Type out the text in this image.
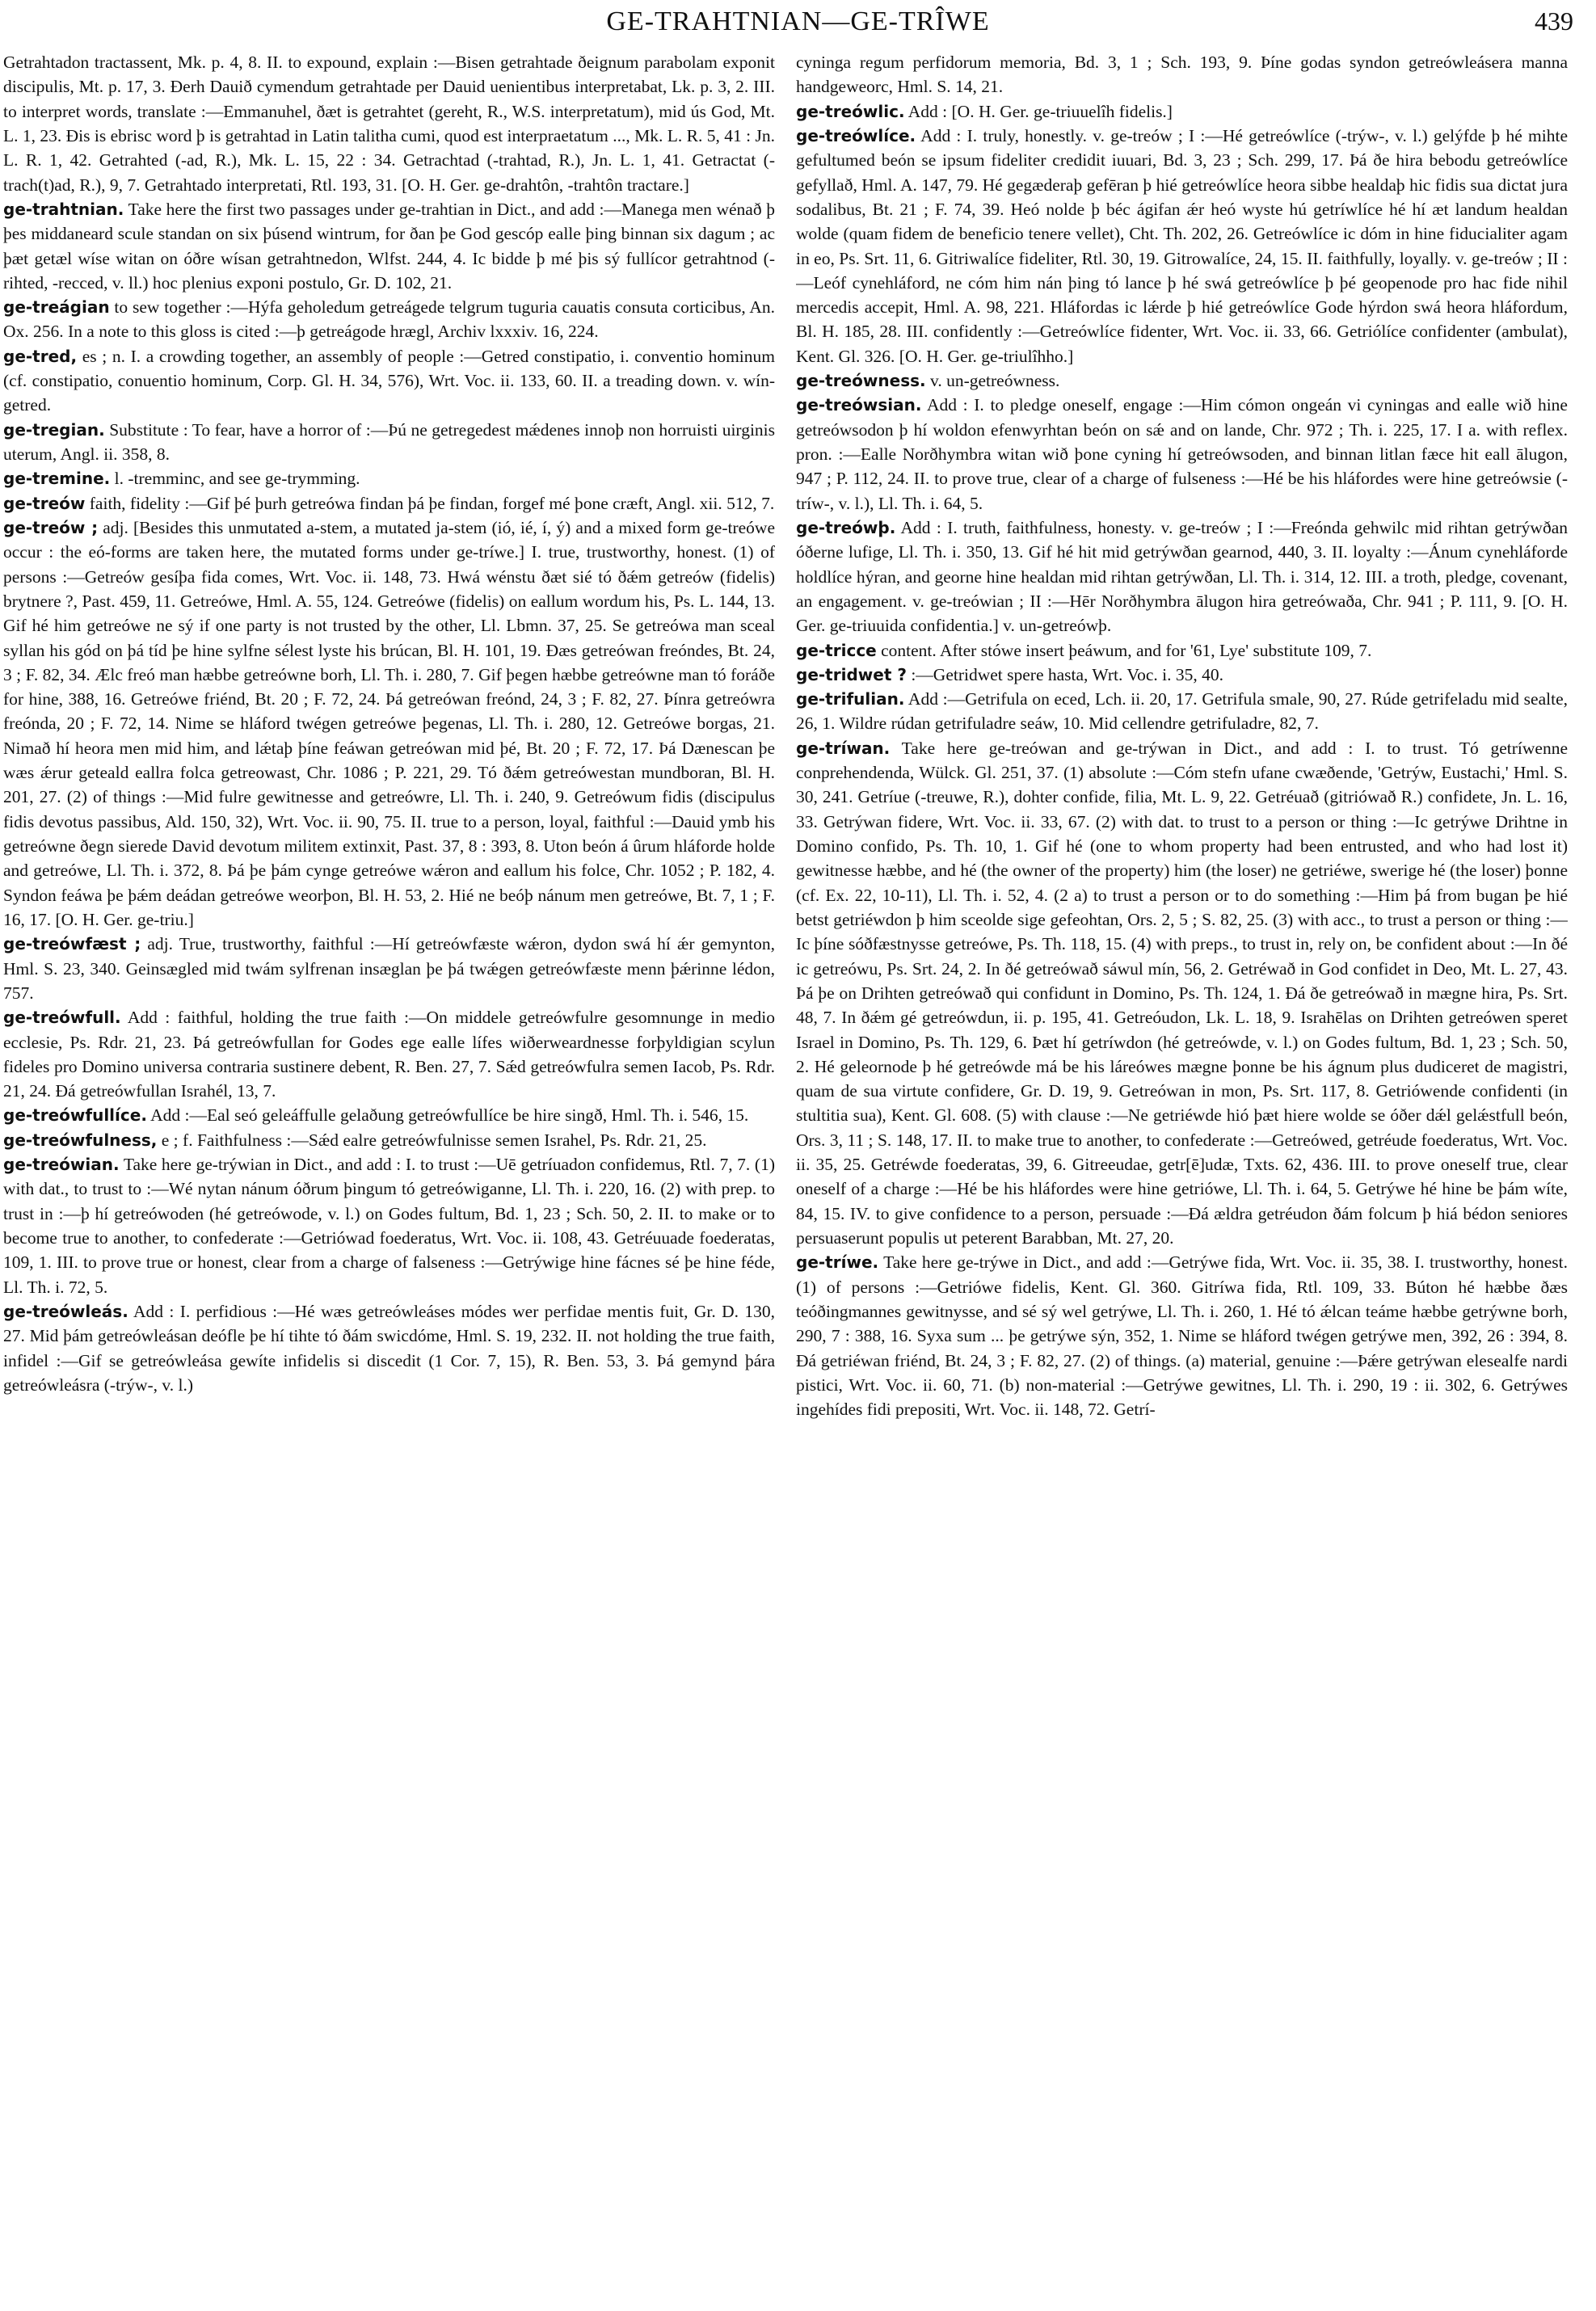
GE-TRAHTNIAN—GE-TRÎWE	439
Getrahtadon tractassent, Mk. p. 4, 8. II. to expound, explain :—Bisen getrahtade ðeignum parabolam exponit discipulis, Mt. p. 17, 3. Ðerh Dauið cymendum getrahtade per Dauid uenientibus interpretabat, Lk. p. 3, 2. III. to interpret words, translate :—Emmanuhel, ðæt is getrahtet (gereht, R., W.S. interpretatum), mid ús God, Mt. L. 1, 23. Ðis is ebrisc word þ is getrahtad in Latin talitha cumi, quod est interpraetatum ..., Mk. L. R. 5, 41 : Jn. L. R. 1, 42. Getrahted (-ad, R.), Mk. L. 15, 22 : 34. Getrachtad (-trahtad, R.), Jn. L. 1, 41. Getractat (-trach(t)ad, R.), 9, 7. Getrahtado interpretati, Rtl. 193, 31. [O. H. Ger. ge-drahtôn, -trahtôn tractare.]
ge-trahtnian. Take here the first two passages under ge-trahtian in Dict., and add :—Manega men wénað þ þes middaneard scule standan on six þúsend wintrum, for ðan þe God gescóp ealle þing binnan six dagum ; ac þæt getæl wíse witan on óðre wísan getrahtnedon, Wlfst. 244, 4. Ic bidde þ mé þis sý fullícor getrahtnod (-rihted, -recced, v. ll.) hoc plenius exponi postulo, Gr. D. 102, 21.
ge-treágian to sew together :—Hýfa geholedum getreágede telgrum tuguria cauatis consuta corticibus, An. Ox. 256. In a note to this gloss is cited :—þ getreágode hrægl, Archiv lxxxiv. 16, 224.
ge-tred, es ; n. I. a crowding together, an assembly of people :—Getred constipatio, i. conventio hominum (cf. constipatio, conuentio hominum, Corp. Gl. H. 34, 576), Wrt. Voc. ii. 133, 60. II. a treading down. v. wín-getred.
ge-tregian. Substitute : To fear, have a horror of :—Þú ne getregedest mǽdenes innoþ non horruisti uirginis uterum, Angl. ii. 358, 8.
ge-tremine. l. -tremminc, and see ge-trymming.
ge-treów faith, fidelity :—Gif þé þurh getreówa findan þá þe findan, forgef mé þone cræft, Angl. xii. 512, 7.
ge-treów ; adj. [Besides this unmutated a-stem, a mutated ja-stem (ió, ié, í, ý) and a mixed form ge-treówe occur : the eó-forms are taken here, the mutated forms under ge-tríwe.] I. true, trustworthy, honest. (1) of persons :—Getreów gesíþa fida comes, Wrt. Voc. ii. 148, 73. Hwá wénstu ðæt sié tó ðǽm getreów (fidelis) brytnere ?, Past. 459, 11. Getreówe, Hml. A. 55, 124. Getreówe (fidelis) on eallum wordum his, Ps. L. 144, 13. Gif hé him getreówe ne sý if one party is not trusted by the other, Ll. Lbmn. 37, 25. Se getreówa man sceal syllan his gód on þá tíd þe hine sylfne sélest lyste his brúcan, Bl. H. 101, 19. Ðæs getreówan freóndes, Bt. 24, 3 ; F. 82, 34. Ælc freó man hæbbe getreówne borh, Ll. Th. i. 280, 7. Gif þegen hæbbe getreówne man tó foráðe for hine, 388, 16. Getreówe friénd, Bt. 20 ; F. 72, 24. Þá getreówan freónd, 24, 3 ; F. 82, 27. Þínra getreówra freónda, 20 ; F. 72, 14. Nime se hláford twégen getreówe þegenas, Ll. Th. i. 280, 12. Getreówe borgas, 21. Nimað hí heora men mid him, and lǽtaþ þíne feáwan getreówan mid þé, Bt. 20 ; F. 72, 17. Þá Dænescan þe wæs ǽrur geteald eallra folca getreowast, Chr. 1086 ; P. 221, 29. Tó ðǽm getreówestan mundboran, Bl. H. 201, 27. (2) of things :—Mid fulre gewitnesse and getreówre, Ll. Th. i. 240, 9. Getreówum fidis (discipulus fidis devotus passibus, Ald. 150, 32), Wrt. Voc. ii. 90, 75. II. true to a person, loyal, faithful :—Dauid ymb his getreówne ðegn sierede David devotum militem extinxit, Past. 37, 8 : 393, 8. Uton beón á ûrum hláforde holde and getreówe, Ll. Th. i. 372, 8. Þá þe þám cynge getreówe wǽron and eallum his folce, Chr. 1052 ; P. 182, 4. Syndon feáwa þe þǽm deádan getreówe weorþon, Bl. H. 53, 2. Hié ne beóþ nánum men getreówe, Bt. 7, 1 ; F. 16, 17. [O. H. Ger. ge-triu.]
ge-treówfæst ; adj. True, trustworthy, faithful :—Hí getreówfæste wǽron, dydon swá hí ǽr gemynton, Hml. S. 23, 340. Geinsægled mid twám sylfrenan insæglan þe þá twǽgen getreówfæste menn þǽrinne lédon, 757.
ge-treówfull. Add : faithful, holding the true faith :—On middele getreówfulre gesomnunge in medio ecclesie, Ps. Rdr. 21, 23. Þá getreówfullan for Godes ege ealle lífes wiðerweardnesse forþyldigian scylun fideles pro Domino universa contraria sustinere debent, R. Ben. 27, 7. Sǽd getreówfulra semen Iacob, Ps. Rdr. 21, 24. Ðá getreówfullan Israhél, 13, 7.
ge-treówfullíce. Add :—Eal seó geleáffulle gelaðung getreówfullíce be hire singð, Hml. Th. i. 546, 15.
ge-treówfulness, e ; f. Faithfulness :—Sǽd ealre getreówfulnisse semen Israhel, Ps. Rdr. 21, 25.
ge-treówian. Take here ge-trýwian in Dict., and add : I. to trust :—Uē getríuadon confidemus, Rtl. 7, 7. (1) with dat., to trust to :—Wé nytan nánum óðrum þingum tó getreówiganne, Ll. Th. i. 220, 16. (2) with prep. to trust in :—þ hí getreówoden (hé getreówode, v. l.) on Godes fultum, Bd. 1, 23 ; Sch. 50, 2. II. to make or to become true to another, to confederate :—Getriówad foederatus, Wrt. Voc. ii. 108, 43. Getréuuade foederatas, 109, 1. III. to prove true or honest, clear from a charge of falseness :—Getrýwige hine fácnes sé þe hine féde, Ll. Th. i. 72, 5.
ge-treówleás. Add : I. perfidious :—Hé wæs getreówleáses módes wer perfidae mentis fuit, Gr. D. 130, 27. Mid þám getreówleásan deófle þe hí tihte tó ðám swicdóme, Hml. S. 19, 232. II. not holding the true faith, infidel :—Gif se getreówleása gewíte infidelis si discedit (1 Cor. 7, 15), R. Ben. 53, 3. Þá gemynd þára getreówleásra (-trýw-, v. l.)
cyninga regum perfidorum memoria, Bd. 3, 1 ; Sch. 193, 9. Þíne godas syndon getreówleásera manna handgeweorc, Hml. S. 14, 21.
ge-treówlic. Add : [O. H. Ger. ge-triuuelîh fidelis.]
ge-treówlíce. Add : I. truly, honestly. v. ge-treów ; I :—Hé getreówlíce (-trýw-, v. l.) gelýfde þ hé mihte gefultumed beón se ipsum fideliter credidit iuuari, Bd. 3, 23 ; Sch. 299, 17. Þá ðe hira bebodu getreówlíce gefyllað, Hml. A. 147, 79. Hé gegæderaþ gefēran þ hié getreówlíce heora sibbe healdaþ hic fidis sua dictat jura sodalibus, Bt. 21 ; F. 74, 39. Heó nolde þ béc ágifan ǽr heó wyste hú getríwlíce hé hí æt landum healdan wolde (quam fidem de beneficio tenere vellet), Cht. Th. 202, 26. Getreówlíce ic dóm in hine fiducialiter agam in eo, Ps. Srt. 11, 6. Gitriwalíce fideliter, Rtl. 30, 19. Gitrowalíce, 24, 15. II. faithfully, loyally. v. ge-treów ; II :—Leóf cynehláford, ne cóm him nán þing tó lance þ hé swá getreówlíce þ þé geopenode pro hac fide nihil mercedis accepit, Hml. A. 98, 221. Hláfordas ic lǽrde þ hié getreówlíce Gode hýrdon swá heora hláfordum, Bl. H. 185, 28. III. confidently :—Getreówlíce fidenter, Wrt. Voc. ii. 33, 66. Getriólíce confidenter (ambulat), Kent. Gl. 326. [O. H. Ger. ge-triulîhho.]
ge-treówness. v. un-getreówness.
ge-treówsian. Add : I. to pledge oneself, engage :—Him cómon ongeán vi cyningas and ealle wið hine getreówsodon þ hí woldon efenwyrhtan beón on sǽ and on lande, Chr. 972 ; Th. i. 225, 17. I a. with reflex. pron. :—Ealle Norðhymbra witan wið þone cyning hí getreówsoden, and binnan litlan fæce hit eall ālugon, 947 ; P. 112, 24. II. to prove true, clear of a charge of fulseness :—Hé be his hláfordes were hine getreówsie (-tríw-, v. l.), Ll. Th. i. 64, 5.
ge-treówþ. Add : I. truth, faithfulness, honesty. v. ge-treów ; I :—Freónda gehwilc mid rihtan getrýwðan óðerne lufige, Ll. Th. i. 350, 13. Gif hé hit mid getrýwðan gearnod, 440, 3. II. loyalty :—Ánum cynehláforde holdlíce hýran, and georne hine healdan mid rihtan getrýwðan, Ll. Th. i. 314, 12. III. a troth, pledge, covenant, an engagement. v. ge-treówian ; II :—Hēr Norðhymbra ālugon hira getreówaða, Chr. 941 ; P. 111, 9. [O. H. Ger. ge-triuuida confidentia.] v. un-getreówþ.
ge-tricce content. After stówe insert þeáwum, and for '61, Lye' substitute 109, 7.
ge-tridwet ? :—Getridwet spere hasta, Wrt. Voc. i. 35, 40.
ge-trifulian. Add :—Getrifula on eced, Lch. ii. 20, 17. Getrifula smale, 90, 27. Rúde getrifeladu mid sealte, 26, 1. Wildre rúdan getrifuladre seáw, 10. Mid cellendre getrifuladre, 82, 7.
ge-tríwan. Take here ge-treówan and ge-trýwan in Dict., and add : I. to trust. Tó getríwenne conprehendenda, Wülck. Gl. 251, 37. (1) absolute :—Cóm stefn ufane cwæðende, 'Getrýw, Eustachi,' Hml. S. 30, 241. Getríue (-treuwe, R.), dohter confide, filia, Mt. L. 9, 22. Getréuað (gitriówað R.) confidete, Jn. L. 16, 33. Getrýwan fidere, Wrt. Voc. ii. 33, 67. (2) with dat. to trust to a person or thing :—Ic getrýwe Drihtne in Domino confido, Ps. Th. 10, 1. Gif hé (one to whom property had been entrusted, and who had lost it) gewitnesse hæbbe, and hé (the owner of the property) him (the loser) ne getriéwe, swerige hé (the loser) þonne (cf. Ex. 22, 10-11), Ll. Th. i. 52, 4. (2 a) to trust a person or to do something :—Him þá from bugan þe hié betst getriéwdon þ him sceolde sige gefeohtan, Ors. 2, 5 ; S. 82, 25. (3) with acc., to trust a person or thing :—Ic þíne sóðfæstnysse getreówe, Ps. Th. 118, 15. (4) with preps., to trust in, rely on, be confident about :—In ðé ic getreówu, Ps. Srt. 24, 2. In ðé getreówað sáwul mín, 56, 2. Getréwað in God confidet in Deo, Mt. L. 27, 43. Þá þe on Drihten getreówað qui confidunt in Domino, Ps. Th. 124, 1. Ðá ðe getreówað in mægne hira, Ps. Srt. 48, 7. In ðǽm gé getreówdun, ii. p. 195, 41. Getreóudon, Lk. L. 18, 9. Israhēlas on Drihten getreówen speret Israel in Domino, Ps. Th. 129, 6. Þæt hí getríwdon (hé getreówde, v. l.) on Godes fultum, Bd. 1, 23 ; Sch. 50, 2. Hé geleornode þ hé getreówde má be his láreówes mægne þonne be his ágnum plus dudiceret de magistri, quam de sua virtute confidere, Gr. D. 19, 9. Getreówan in mon, Ps. Srt. 117, 8. Getriówende confidenti (in stultitia sua), Kent. Gl. 608. (5) with clause :—Ne getriéwde hió þæt hiere wolde se óðer dǽl gelǽstfull beón, Ors. 3, 11 ; S. 148, 17. II. to make true to another, to confederate :—Getreówed, getréude foederatus, Wrt. Voc. ii. 35, 25. Getréwde foederatas, 39, 6. Gitreeudae, getr[ē]udæ, Txts. 62, 436. III. to prove oneself true, clear oneself of a charge :—Hé be his hláfordes were hine getriówe, Ll. Th. i. 64, 5. Getrýwe hé hine be þám wíte, 84, 15. IV. to give confidence to a person, persuade :—Ðá ældra getréudon ðám folcum þ hiá bédon seniores persuaserunt populis ut peterent Barabban, Mt. 27, 20.
ge-tríwe. Take here ge-trýwe in Dict., and add :—Getrýwe fida, Wrt. Voc. ii. 35, 38. I. trustworthy, honest. (1) of persons :—Getriówe fidelis, Kent. Gl. 360. Gitríwa fida, Rtl. 109, 33. Búton hé hæbbe ðæs teóðingmannes gewitnysse, and sé sý wel getrýwe, Ll. Th. i. 260, 1. Hé tó ǽlcan teáme hæbbe getrýwne borh, 290, 7 : 388, 16. Syxa sum ... þe getrýwe sýn, 352, 1. Nime se hláford twégen getrýwe men, 392, 26 : 394, 8. Ðá getriéwan friénd, Bt. 24, 3 ; F. 82, 27. (2) of things. (a) material, genuine :—Þǽre getrýwan elesealfe nardi pistici, Wrt. Voc. ii. 60, 71. (b) non-material :—Getrýwe gewitnes, Ll. Th. i. 290, 19 : ii. 302, 6. Getrýwes ingehídes fidi prepositi, Wrt. Voc. ii. 148, 72. Getrí-
